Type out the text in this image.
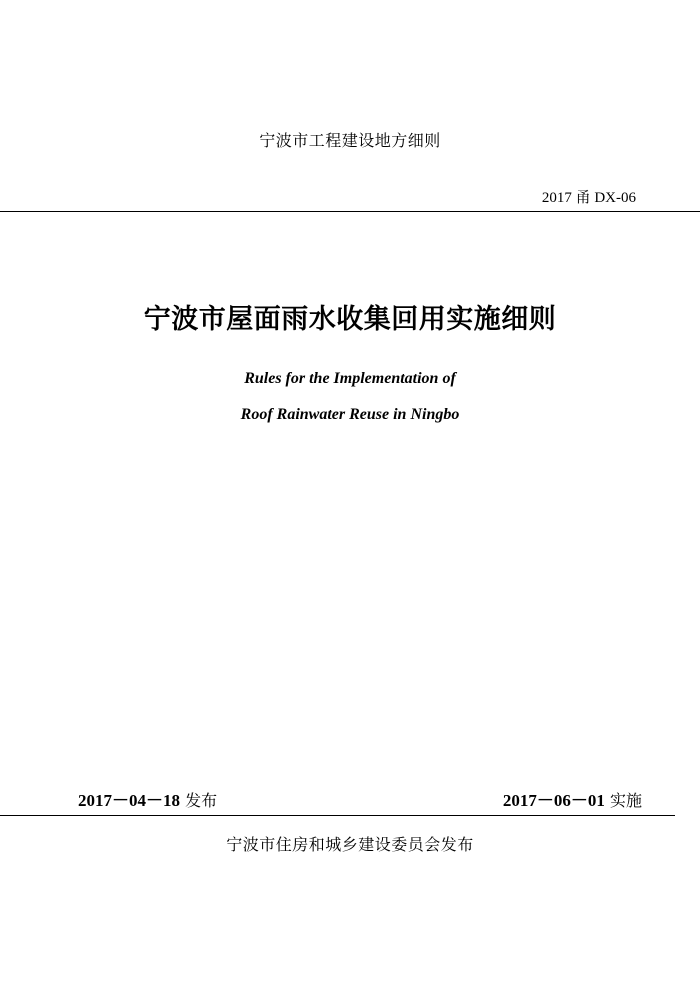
宁波市工程建设地方细则
2017 甬 DX-06
宁波市屋面雨水收集回用实施细则
Rules for the Implementation of
Roof Rainwater Reuse in Ningbo
2017－04－18 发布	2017－06－01 实施
宁波市住房和城乡建设委员会发布
